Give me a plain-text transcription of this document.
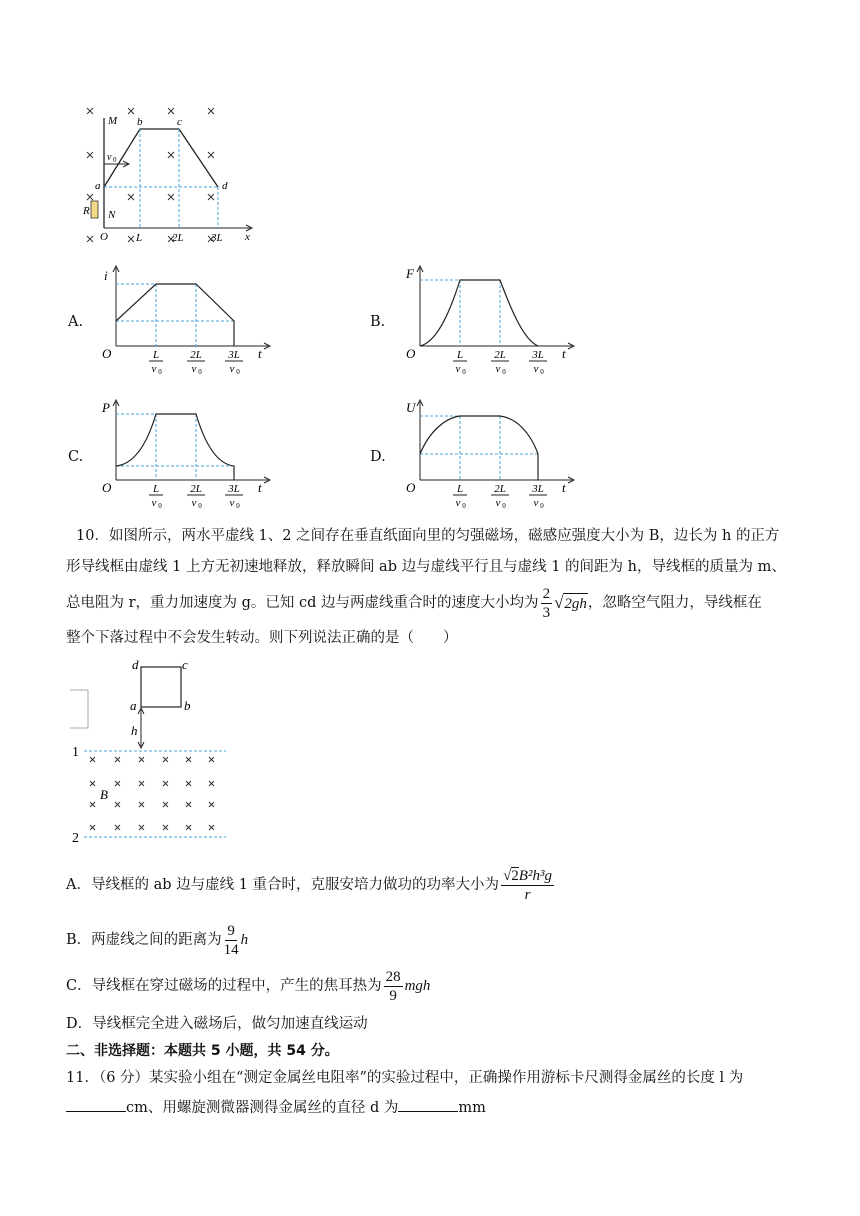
M
N
R
O
a
b	c
d
v 0
L	2L 3L x
A.	B.
C.	D.
i
O	t
L
v 0
2L
v 0
3L
v 0
F
O	t
L
v 0
2L
v 0
3L
v 0
P
O	t
L
v 0
2L
v 0
3L
v 0
U
O	t
L
v 0
2L
v 0
3L
v 0
10．如图所示，两水平虚线 1、2 之间存在垂直纸面向里的匀强磁场，磁感应强度大小为 B，边长为 h 的正方
形导线框由虚线 1 上方无初速地释放，释放瞬间 ab 边与虚线平行且与虚线 1 的间距为 h，导线框的质量为 m、
总电阻为 r，重力加速度为 g。已知 cd 边与两虚线重合时的速度大小均为 $\frac{2}{3}$ √ 2gh ，忽略空气阻力，导线框在
整个下落过程中不会发生转动。则下列说法正确的是（　　）
d	c
a	b
h
1
2
B
A．导线框的 ab 边与虚线 1 重合时，克服安培力做功的功率大小为 $\frac{\text{√2B²h³g}}{r}$
B．两虚线之间的距离为 $\frac{9}{14}$ h
C．导线框在穿过磁场的过程中，产生的焦耳热为 $\frac{28}{9}$ mgh
D．导线框完全进入磁场后，做匀加速直线运动
二、非选择题：本题共 5 小题，共 54 分。
11．（6 分）某实验小组在“测定金属丝电阻率”的实验过程中，正确操作用游标卡尺测得金属丝的长度 l 为
cm、用螺旋测微器测得金属丝的直径 d 为	mm
